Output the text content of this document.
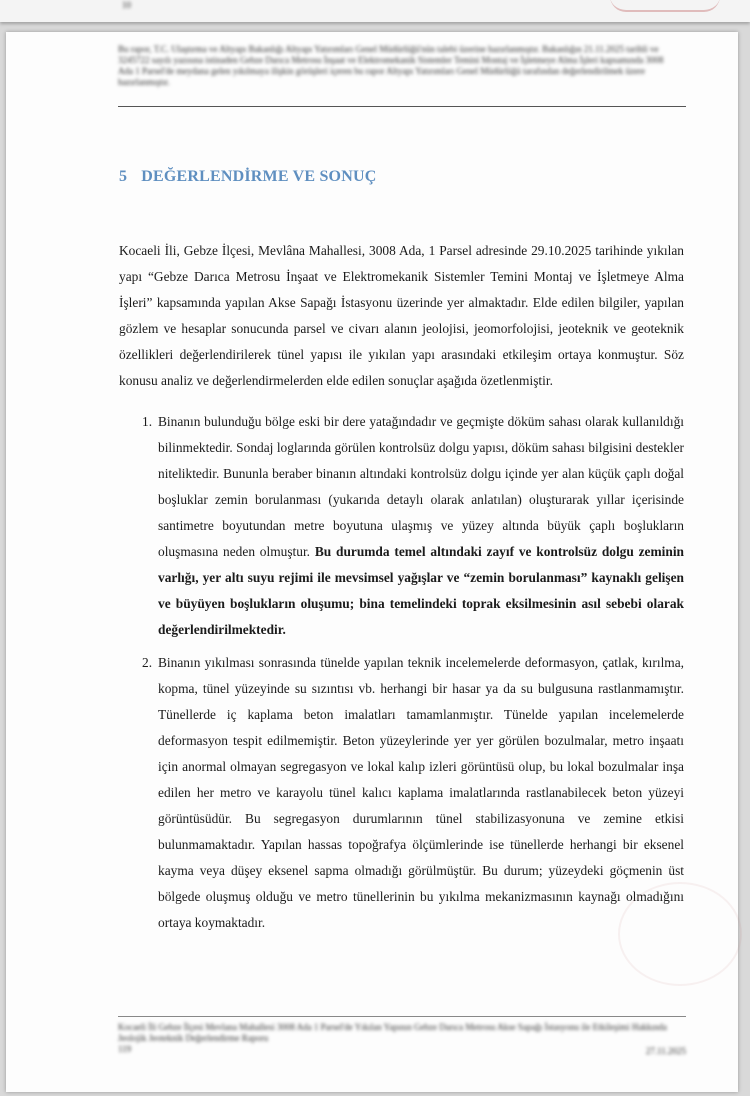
10
Bu rapor, T.C. Ulaştırma ve Altyapı Bakanlığı Altyapı Yatırımları Genel Müdürlüğü'nün talebi üzerine hazırlanmıştır. Bakanlığın 21.11.2025 tarihli ve 3245722 sayılı yazısına istinaden Gebze Darıca Metrosu İnşaat ve Elektromekanik Sistemler Temini Montaj ve İşletmeye Alma İşleri kapsamında 3008 Ada 1 Parsel'de meydana gelen yıkılmaya ilişkin görüşleri içeren bu rapor Altyapı Yatırımları Genel Müdürlüğü tarafından değerlendirilmek üzere hazırlanmıştır.
5 DEĞERLENDİRME VE SONUÇ

Kocaeli İli, Gebze İlçesi, Mevlâna Mahallesi, 3008 Ada, 1 Parsel adresinde 29.10.2025 tarihinde yıkılan yapı “Gebze Darıca Metrosu İnşaat ve Elektromekanik Sistemler Temini Montaj ve İşletmeye Alma İşleri” kapsamında yapılan Akse Sapağı İstasyonu üzerinde yer almaktadır. Elde edilen bilgiler, yapılan gözlem ve hesaplar sonucunda parsel ve civarı alanın jeolojisi, jeomorfolojisi, jeoteknik ve geoteknik özellikleri değerlendirilerek tünel yapısı ile yıkılan yapı arasındaki etkileşim ortaya konmuştur. Söz konusu analiz ve değerlendirmelerden elde edilen sonuçlar aşağıda özetlenmiştir.

1. Binanın bulunduğu bölge eski bir dere yatağındadır ve geçmişte döküm sahası olarak kullanıldığı bilinmektedir. Sondaj loglarında görülen kontrolsüz dolgu yapısı, döküm sahası bilgisini destekler niteliktedir. Bununla beraber binanın altındaki kontrolsüz dolgu içinde yer alan küçük çaplı doğal boşluklar zemin borulanması (yukarıda detaylı olarak anlatılan) oluşturarak yıllar içerisinde santimetre boyutundan metre boyutuna ulaşmış ve yüzey altında büyük çaplı boşlukların oluşmasına neden olmuştur. Bu durumda temel altındaki zayıf ve kontrolsüz dolgu zeminin varlığı, yer altı suyu rejimi ile mevsimsel yağışlar ve “zemin borulanması” kaynaklı gelişen ve büyüyen boşlukların oluşumu; bina temelindeki toprak eksilmesinin asıl sebebi olarak değerlendirilmektedir.
2. Binanın yıkılması sonrasında tünelde yapılan teknik incelemelerde deformasyon, çatlak, kırılma, kopma, tünel yüzeyinde su sızıntısı vb. herhangi bir hasar ya da su bulgusuna rastlanmamıştır. Tünellerde iç kaplama beton imalatları tamamlanmıştır. Tünelde yapılan incelemelerde deformasyon tespit edilmemiştir. Beton yüzeylerinde yer yer görülen bozulmalar, metro inşaatı için anormal olmayan segregasyon ve lokal kalıp izleri görüntüsü olup, bu lokal bozulmalar inşa edilen her metro ve karayolu tünel kalıcı kaplama imalatlarında rastlanabilecek beton yüzeyi görüntüsüdür. Bu segregasyon durumlarının tünel stabilizasyonuna ve zemine etkisi bulunmamaktadır. Yapılan hassas topoğrafya ölçümlerinde ise tünellerde herhangi bir eksenel kayma veya düşey eksenel sapma olmadığı görülmüştür. Bu durum; yüzeydeki göçmenin üst bölgede oluşmuş olduğu ve metro tünellerinin bu yıkılma mekanizmasının kaynağı olmadığını ortaya koymaktadır.
Kocaeli İli Gebze İlçesi Mevlana Mahallesi 3008 Ada 1 Parsel'de Yıkılan Yapının Gebze Darıca Metrosu Akse Sapağı İstasyonu ile Etkileşimi Hakkında Jeolojik Jeoteknik Değerlendirme Raporu
119	27.11.2025
